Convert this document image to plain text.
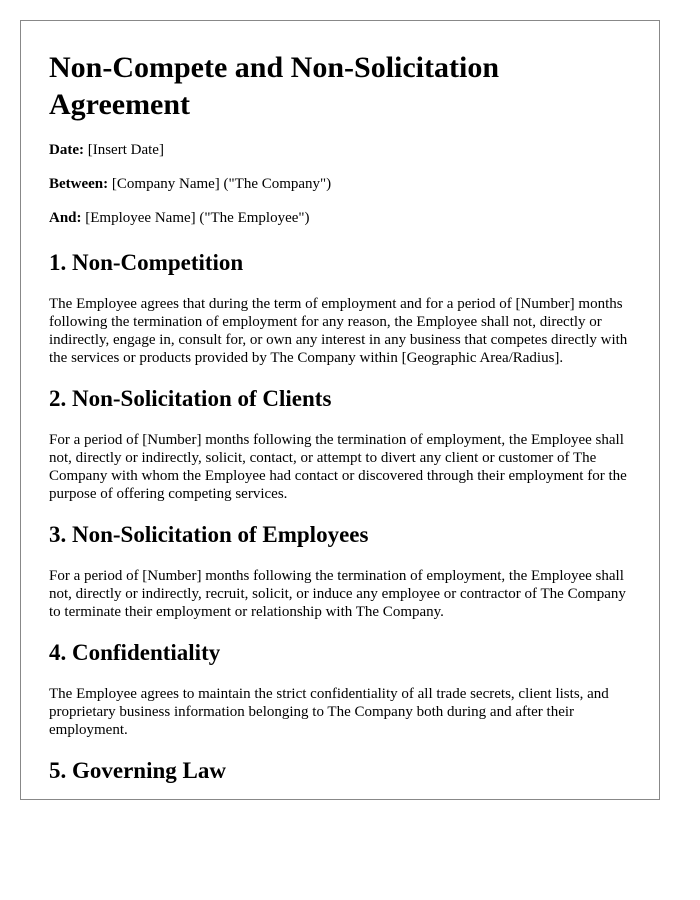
Non-Compete and Non-Solicitation Agreement
Date: [Insert Date]
Between: [Company Name] ("The Company")
And: [Employee Name] ("The Employee")
1. Non-Competition

The Employee agrees that during the term of employment and for a period of [Number] months following the termination of employment for any reason, the Employee shall not, directly or indirectly, engage in, consult for, or own any interest in any business that competes directly with the services or products provided by The Company within [Geographic Area/Radius].

2. Non-Solicitation of Clients

For a period of [Number] months following the termination of employment, the Employee shall not, directly or indirectly, solicit, contact, or attempt to divert any client or customer of The Company with whom the Employee had contact or discovered through their employment for the purpose of offering competing services.

3. Non-Solicitation of Employees

For a period of [Number] months following the termination of employment, the Employee shall not, directly or indirectly, recruit, solicit, or induce any employee or contractor of The Company to terminate their employment or relationship with The Company.

4. Confidentiality

The Employee agrees to maintain the strict confidentiality of all trade secrets, client lists, and proprietary business information belonging to The Company both during and after their employment.

5. Governing Law
